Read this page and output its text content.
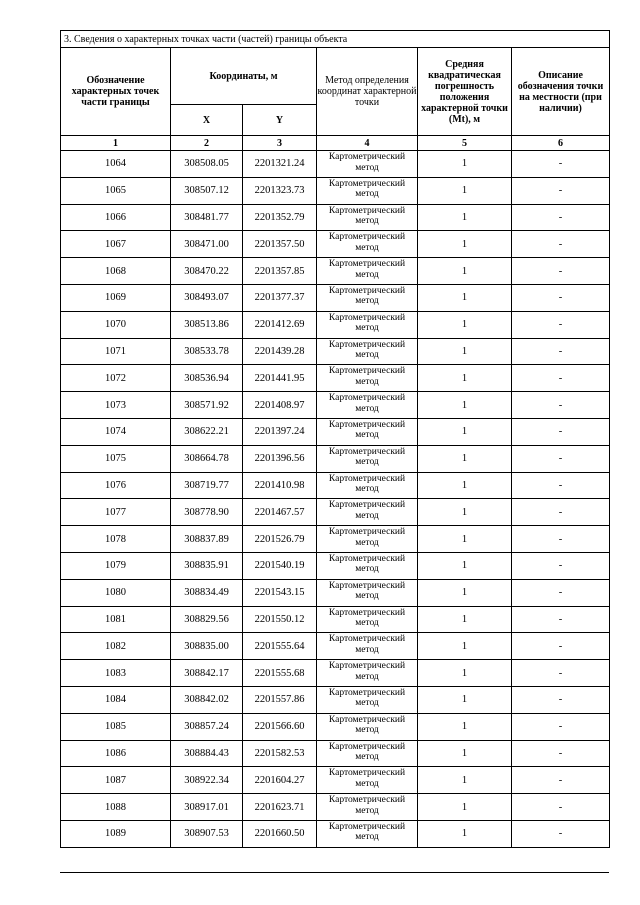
3. Сведения о характерных точках части (частей) границы объекта					
Обозначение характерных точек части границы	Координаты, м		Метод определения координат характерной точки	Средняя квадратическая погрешность положения характерной точки (Mt), м	Описание обозначения точки на местности (при наличии)
	X	Y			
1	2	3	4	5	6
1064	308508.05	2201321.24	Картометрический метод	1	-
1065	308507.12	2201323.73	Картометрический метод	1	-
1066	308481.77	2201352.79	Картометрический метод	1	-
1067	308471.00	2201357.50	Картометрический метод	1	-
1068	308470.22	2201357.85	Картометрический метод	1	-
1069	308493.07	2201377.37	Картометрический метод	1	-
1070	308513.86	2201412.69	Картометрический метод	1	-
1071	308533.78	2201439.28	Картометрический метод	1	-
1072	308536.94	2201441.95	Картометрический метод	1	-
1073	308571.92	2201408.97	Картометрический метод	1	-
1074	308622.21	2201397.24	Картометрический метод	1	-
1075	308664.78	2201396.56	Картометрический метод	1	-
1076	308719.77	2201410.98	Картометрический метод	1	-
1077	308778.90	2201467.57	Картометрический метод	1	-
1078	308837.89	2201526.79	Картометрический метод	1	-
1079	308835.91	2201540.19	Картометрический метод	1	-
1080	308834.49	2201543.15	Картометрический метод	1	-
1081	308829.56	2201550.12	Картометрический метод	1	-
1082	308835.00	2201555.64	Картометрический метод	1	-
1083	308842.17	2201555.68	Картометрический метод	1	-
1084	308842.02	2201557.86	Картометрический метод	1	-
1085	308857.24	2201566.60	Картометрический метод	1	-
1086	308884.43	2201582.53	Картометрический метод	1	-
1087	308922.34	2201604.27	Картометрический метод	1	-
1088	308917.01	2201623.71	Картометрический метод	1	-
1089	308907.53	2201660.50	Картометрический метод	1	-
